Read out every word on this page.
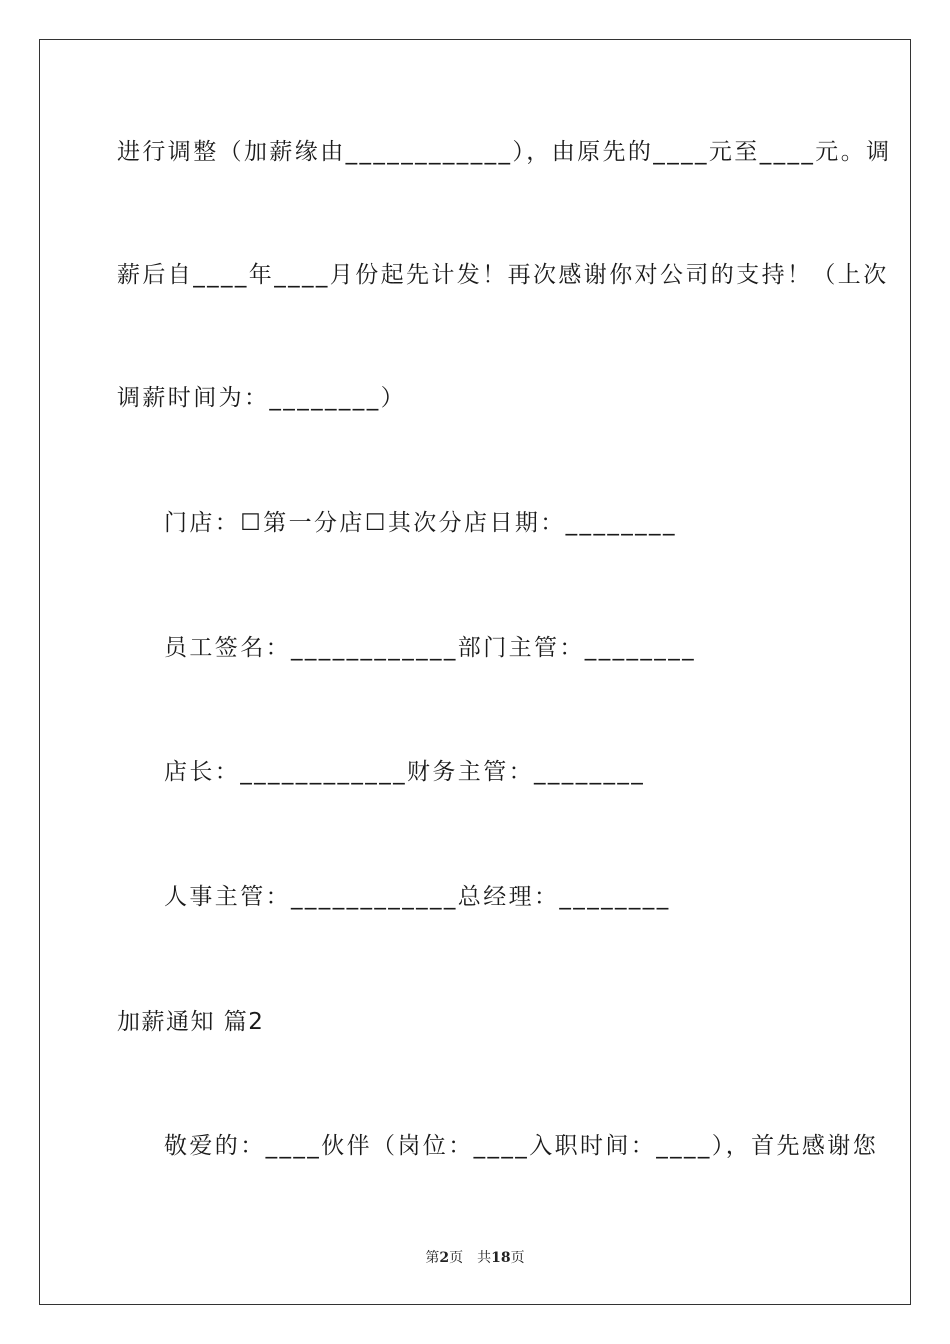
进行调整（加薪缘由____________），由原先的____元至____元。调
薪后自____年____月份起先计发！再次感谢你对公司的支持！（上次
调薪时间为：________）
门店：☐第一分店☐其次分店日期：________
员工签名：____________部门主管：________
店长：____________财务主管：________
人事主管：____________总经理：________
加薪通知 篇2
敬爱的：____伙伴（岗位：____入职时间：____），首先感谢您
第2页　共18页
